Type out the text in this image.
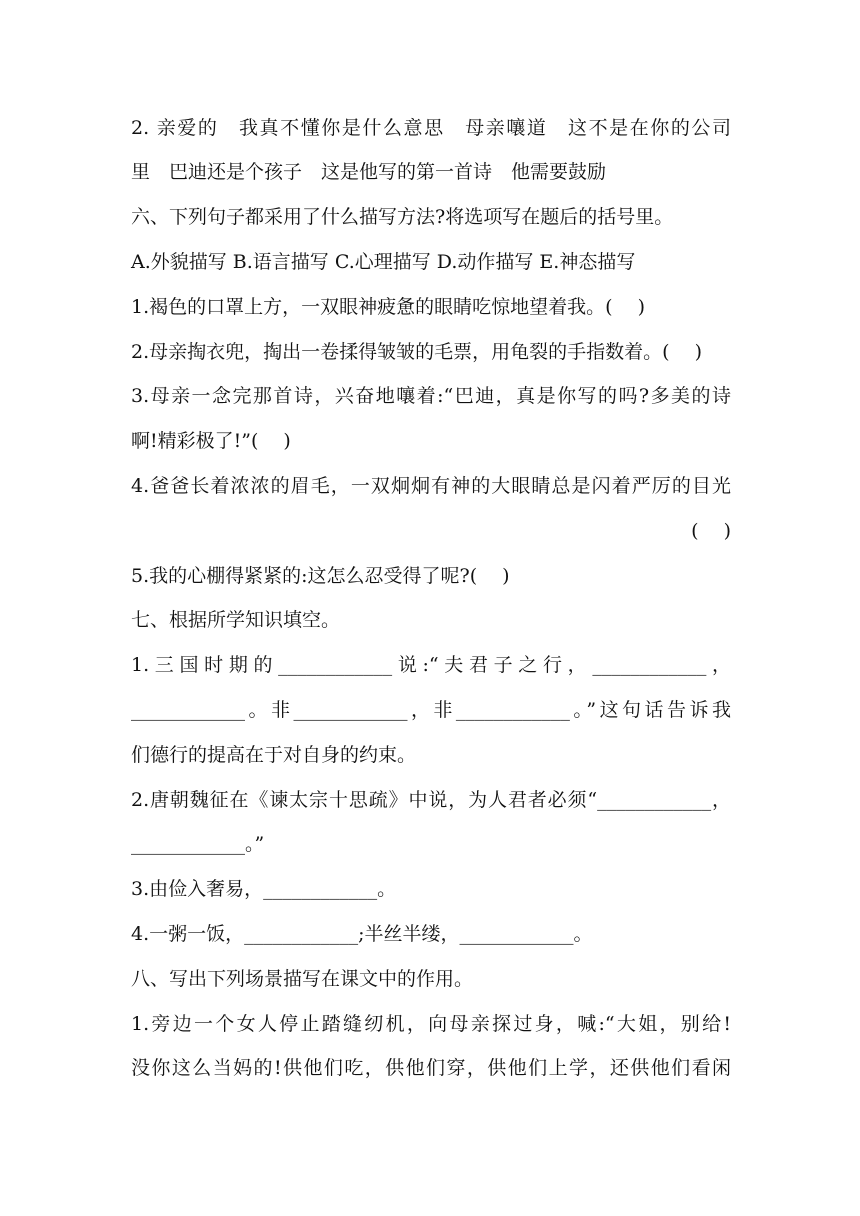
2. 亲爱的　我真不懂你是什么意思　母亲嚷道　这不是在你的公司
里　巴迪还是个孩子　这是他写的第一首诗　他需要鼓励
六、下列句子都采用了什么描写方法?将选项写在题后的括号里。
A.外貌描写 B.语言描写 C.心理描写 D.动作描写 E.神态描写
1.褐色的口罩上方，一双眼神疲惫的眼睛吃惊地望着我。(　 )
2.母亲掏衣兜，掏出一卷揉得皱皱的毛票，用龟裂的手指数着。(　 )
3.母亲一念完那首诗，兴奋地嚷着:“巴迪，真是你写的吗?多美的诗
啊!精彩极了!”(　 )
4.爸爸长着浓浓的眉毛，一双炯炯有神的大眼睛总是闪着严厉的目光
(　 )
5.我的心棚得紧紧的:这怎么忍受得了呢?(　 )
七、根据所学知识填空。
1.三国时期的____________说:“夫君子之行，____________，
____________。非____________，非____________。”这句话告诉我
们德行的提高在于对自身的约束。
2.唐朝魏征在《谏太宗十思疏》中说，为人君者必须“____________，
____________。”
3.由俭入奢易，____________。
4.一粥一饭，____________;半丝半缕，____________。
八、写出下列场景描写在课文中的作用。
1.旁边一个女人停止踏缝纫机，向母亲探过身，喊:“大姐，别给!
没你这么当妈的!供他们吃，供他们穿，供他们上学，还供他们看闲
